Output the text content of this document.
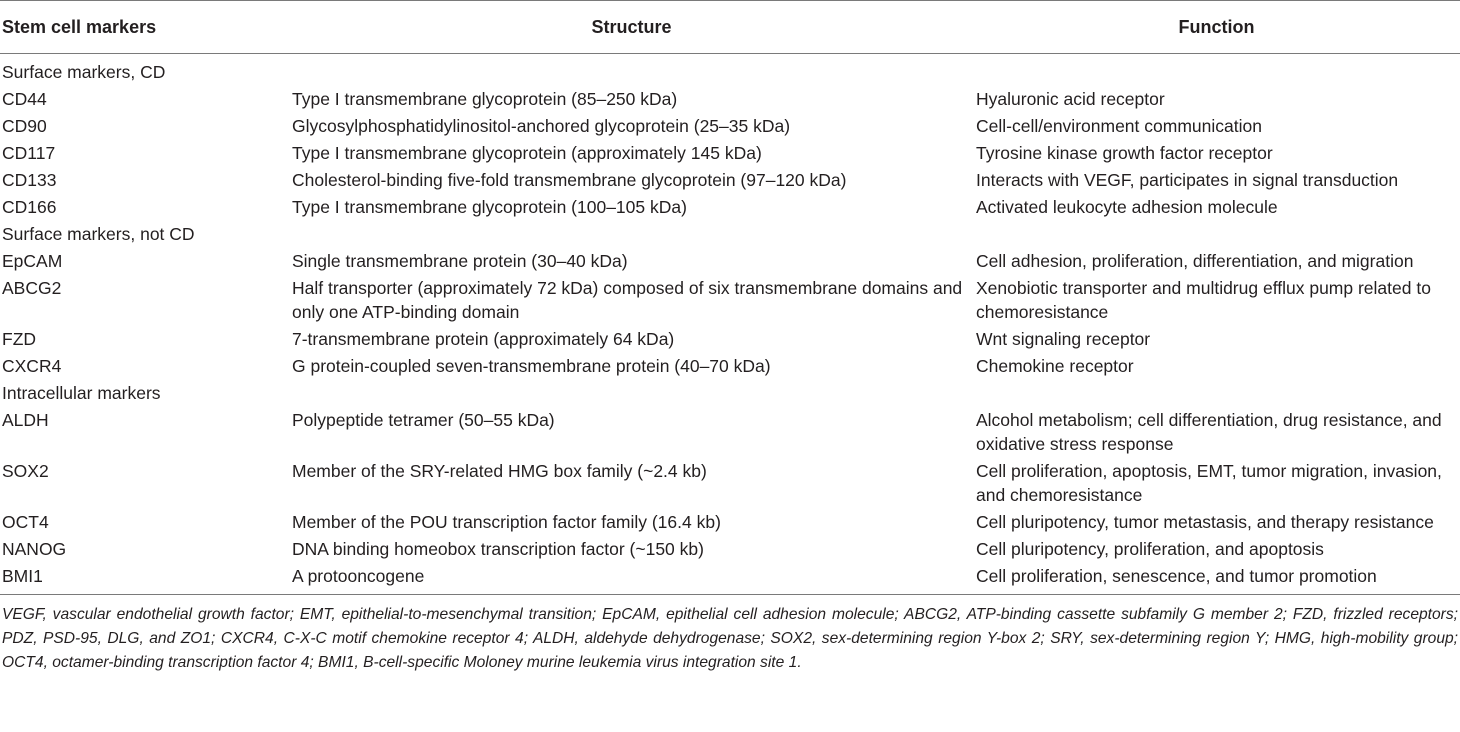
Stem cell markers	Structure	Function
Surface markers, CD		
CD44	Type I transmembrane glycoprotein (85–250 kDa)	Hyaluronic acid receptor
CD90	Glycosylphosphatidylinositol-anchored glycoprotein (25–35 kDa)	Cell-cell/environment communication
CD117	Type I transmembrane glycoprotein (approximately 145 kDa)	Tyrosine kinase growth factor receptor
CD133	Cholesterol-binding five-fold transmembrane glycoprotein (97–120 kDa)	Interacts with VEGF, participates in signal transduction
CD166	Type I transmembrane glycoprotein (100–105 kDa)	Activated leukocyte adhesion molecule
Surface markers, not CD		
EpCAM	Single transmembrane protein (30–40 kDa)	Cell adhesion, proliferation, differentiation, and migration
ABCG2	Half transporter (approximately 72 kDa) composed of six transmembrane domains and only one ATP-binding domain	Xenobiotic transporter and multidrug efflux pump related to chemoresistance
FZD	7-transmembrane protein (approximately 64 kDa)	Wnt signaling receptor
CXCR4	G protein-coupled seven-transmembrane protein (40–70 kDa)	Chemokine receptor
Intracellular markers		
ALDH	Polypeptide tetramer (50–55 kDa)	Alcohol metabolism; cell differentiation, drug resistance, and oxidative stress response
SOX2	Member of the SRY-related HMG box family (~2.4 kb)	Cell proliferation, apoptosis, EMT, tumor migration, invasion, and chemoresistance
OCT4	Member of the POU transcription factor family (16.4 kb)	Cell pluripotency, tumor metastasis, and therapy resistance
NANOG	DNA binding homeobox transcription factor (~150 kb)	Cell pluripotency, proliferation, and apoptosis
BMI1	A protooncogene	Cell proliferation, senescence, and tumor promotion
VEGF, vascular endothelial growth factor; EMT, epithelial-to-mesenchymal transition; EpCAM, epithelial cell adhesion molecule; ABCG2, ATP-binding cassette subfamily G member 2; FZD, frizzled receptors; PDZ, PSD-95, DLG, and ZO1; CXCR4, C-X-C motif chemokine receptor 4; ALDH, aldehyde dehydrogenase; SOX2, sex-determining region Y-box 2; SRY, sex-determining region Y; HMG, high-mobility group; OCT4, octamer-binding transcription factor 4; BMI1, B-cell-specific Moloney murine leukemia virus integration site 1.
